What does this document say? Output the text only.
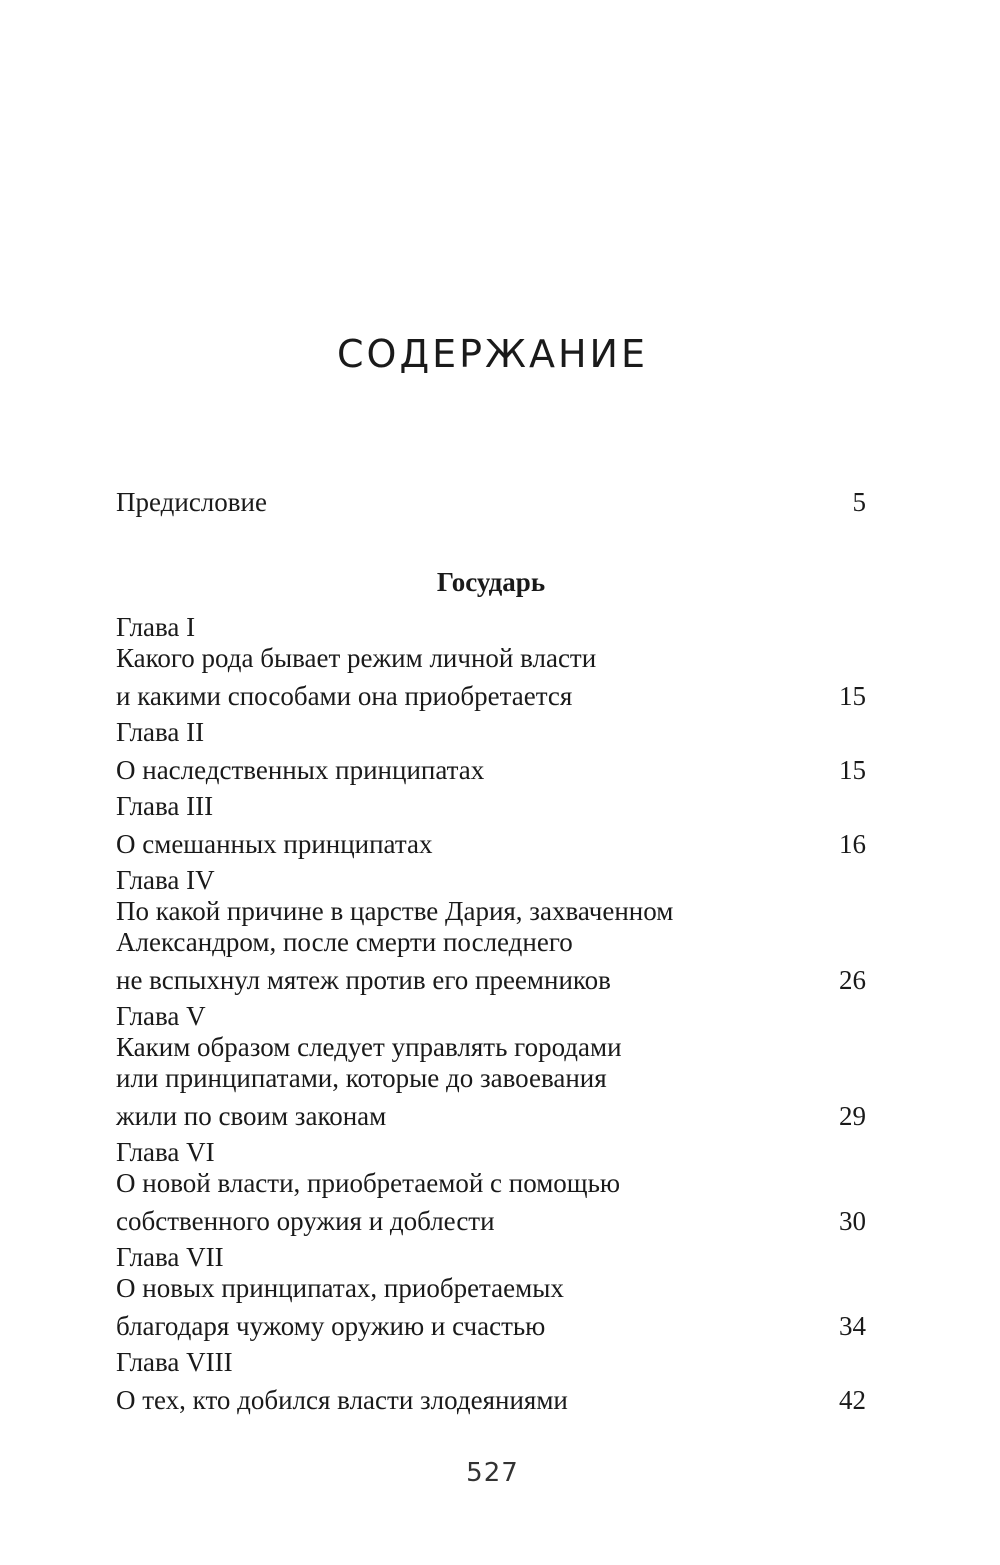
СОДЕРЖАНИЕ
Предисловие	5
Государь
Глава I
Какого рода бывает режим личной власти
и какими способами она приобретается	15
Глава II
О наследственных принципатах	15
Глава III
О смешанных принципатах	16
Глава IV
По какой причине в царстве Дария, захваченном
Александром, после смерти последнего
не вспыхнул мятеж против его преемников	26
Глава V
Каким образом следует управлять городами
или принципатами, которые до завоевания
жили по своим законам	29
Глава VI
О новой власти, приобретаемой с помощью
собственного оружия и доблести	30
Глава VII
О новых принципатах, приобретаемых
благодаря чужому оружию и счастью	34
Глава VIII
О тех, кто добился власти злодеяниями	42
527
